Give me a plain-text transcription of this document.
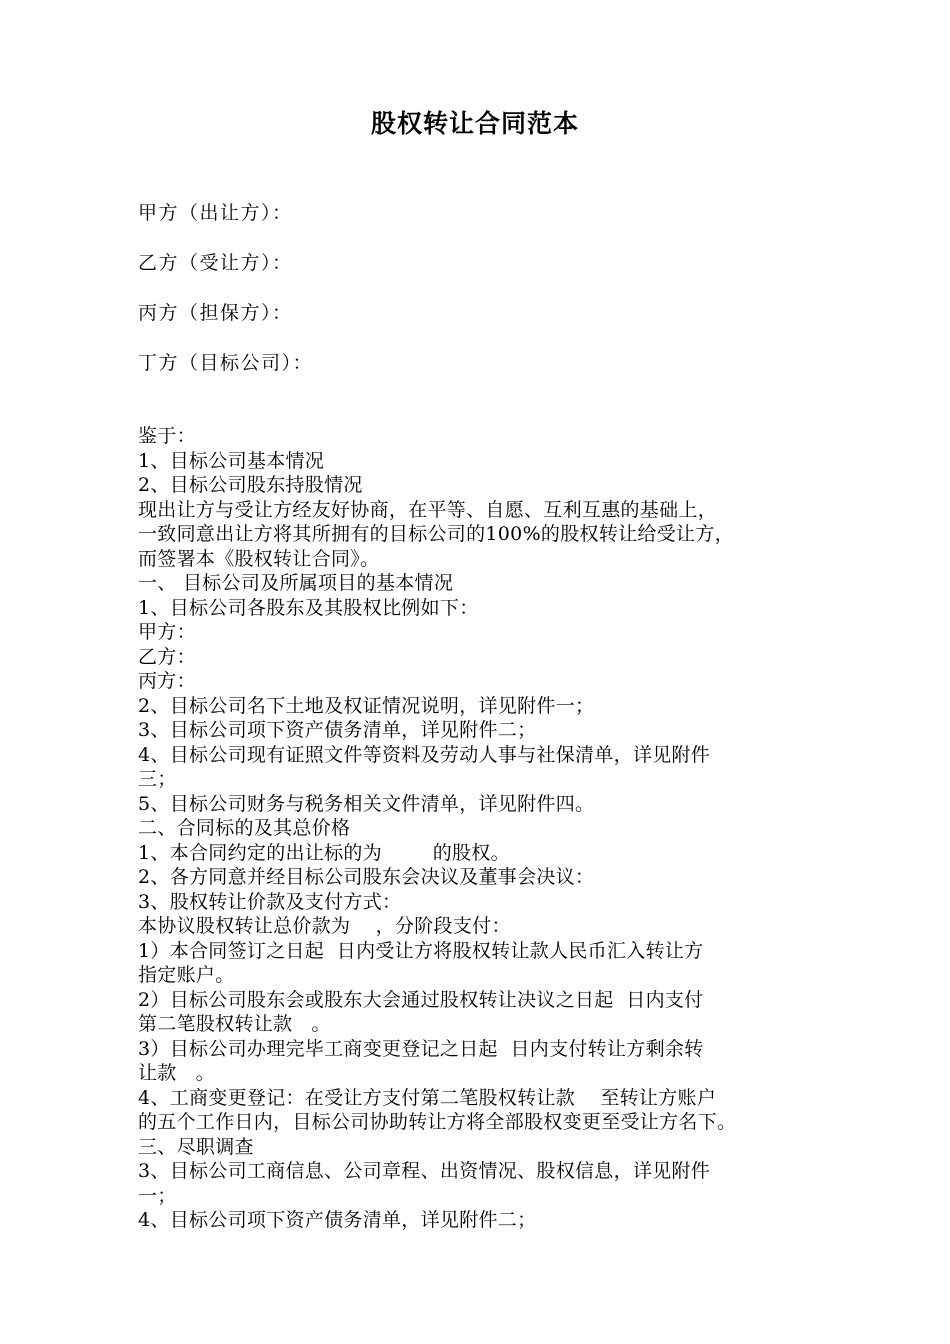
股权转让合同范本
甲方（出让方）：
乙方（受让方）：
丙方（担保方）：
丁方（目标公司）：
鉴于：
1、目标公司基本情况
2、目标公司股东持股情况
现出让方与受让方经友好协商，在平等、自愿、互利互惠的基础上，
一致同意出让方将其所拥有的目标公司的100%的股权转让给受让方，
而签署本《股权转让合同》。
一、 目标公司及所属项目的基本情况
1、目标公司各股东及其股权比例如下：
甲方：
乙方：
丙方：
2、目标公司名下土地及权证情况说明，详见附件一；
3、目标公司项下资产债务清单，详见附件二；
4、目标公司现有证照文件等资料及劳动人事与社保清单，详见附件
三；
5、目标公司财务与税务相关文件清单，详见附件四。
二、合同标的及其总价格
1、本合同约定的出让标的为        的股权。
2、各方同意并经目标公司股东会决议及董事会决议：
3、股权转让价款及支付方式：
本协议股权转让总价款为    ，分阶段支付：
1）本合同签订之日起  日内受让方将股权转让款人民币汇入转让方
指定账户。
2）目标公司股东会或股东大会通过股权转让决议之日起  日内支付
第二笔股权转让款   。
3）目标公司办理完毕工商变更登记之日起  日内支付转让方剩余转
让款   。
4、工商变更登记：在受让方支付第二笔股权转让款    至转让方账户
的五个工作日内，目标公司协助转让方将全部股权变更至受让方名下。
三、尽职调查
3、目标公司工商信息、公司章程、出资情况、股权信息，详见附件
一；
4、目标公司项下资产债务清单，详见附件二；
